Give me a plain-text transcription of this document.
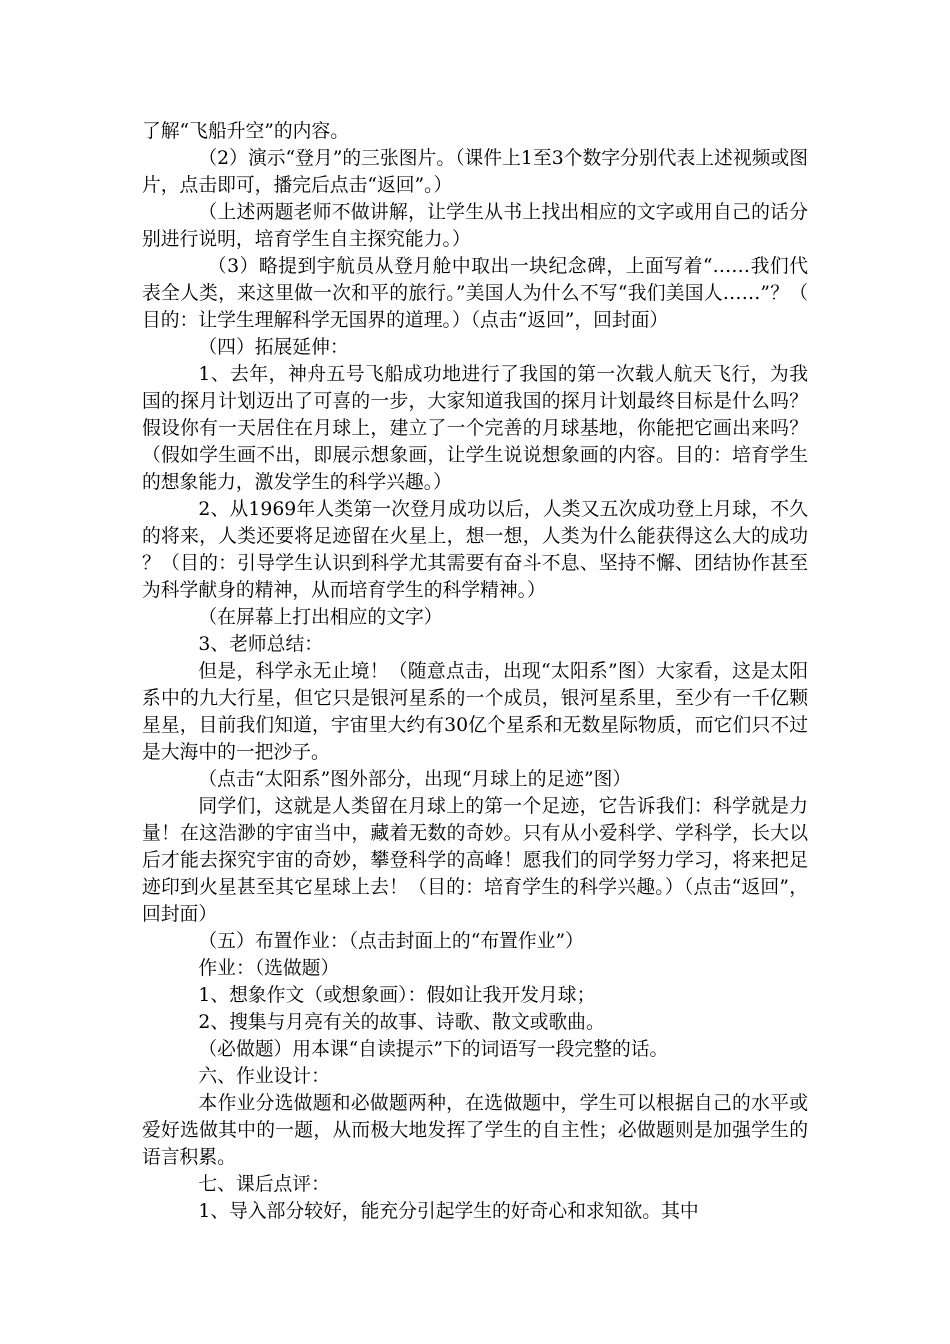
了解“飞船升空”的内容。

（2）演示“登月”的三张图片。（课件上1至3个数字分别代表上述视频或图片，点击即可，播完后点击“返回”。）

（上述两题老师不做讲解，让学生从书上找出相应的文字或用自己的话分别进行说明，培育学生自主探究能力。）

（3）略提到宇航员从登月舱中取出一块纪念碑，上面写着“……我们代表全人类，来这里做一次和平的旅行。”美国人为什么不写“我们美国人……”？（目的：让学生理解科学无国界的道理。）（点击“返回”，回封面）

（四）拓展延伸：

1、去年，神舟五号飞船成功地进行了我国的第一次载人航天飞行，为我国的探月计划迈出了可喜的一步，大家知道我国的探月计划最终目标是什么吗？假设你有一天居住在月球上，建立了一个完善的月球基地，你能把它画出来吗？（假如学生画不出，即展示想象画，让学生说说想象画的内容。目的：培育学生的想象能力，激发学生的科学兴趣。）

2、从1969年人类第一次登月成功以后，人类又五次成功登上月球，不久的将来，人类还要将足迹留在火星上，想一想，人类为什么能获得这么大的成功？（目的：引导学生认识到科学尤其需要有奋斗不息、坚持不懈、团结协作甚至为科学献身的精神，从而培育学生的科学精神。）

（在屏幕上打出相应的文字）

3、老师总结：

但是，科学永无止境！（随意点击，出现“太阳系”图）大家看，这是太阳系中的九大行星，但它只是银河星系的一个成员，银河星系里，至少有一千亿颗星星，目前我们知道，宇宙里大约有30亿个星系和无数星际物质，而它们只不过是大海中的一把沙子。

（点击“太阳系”图外部分，出现“月球上的足迹”图）

同学们，这就是人类留在月球上的第一个足迹，它告诉我们：科学就是力量！在这浩渺的宇宙当中，藏着无数的奇妙。只有从小爱科学、学科学，长大以后才能去探究宇宙的奇妙，攀登科学的高峰！愿我们的同学努力学习，将来把足迹印到火星甚至其它星球上去！（目的：培育学生的科学兴趣。）（点击“返回”，回封面）

（五）布置作业：（点击封面上的“布置作业”）

作业：（选做题）

1、想象作文（或想象画）：假如让我开发月球；

2、搜集与月亮有关的故事、诗歌、散文或歌曲。

（必做题）用本课“自读提示”下的词语写一段完整的话。

六、作业设计：

本作业分选做题和必做题两种，在选做题中，学生可以根据自己的水平或爱好选做其中的一题，从而极大地发挥了学生的自主性；必做题则是加强学生的语言积累。

七、课后点评：

1、导入部分较好，能充分引起学生的好奇心和求知欲。其中
